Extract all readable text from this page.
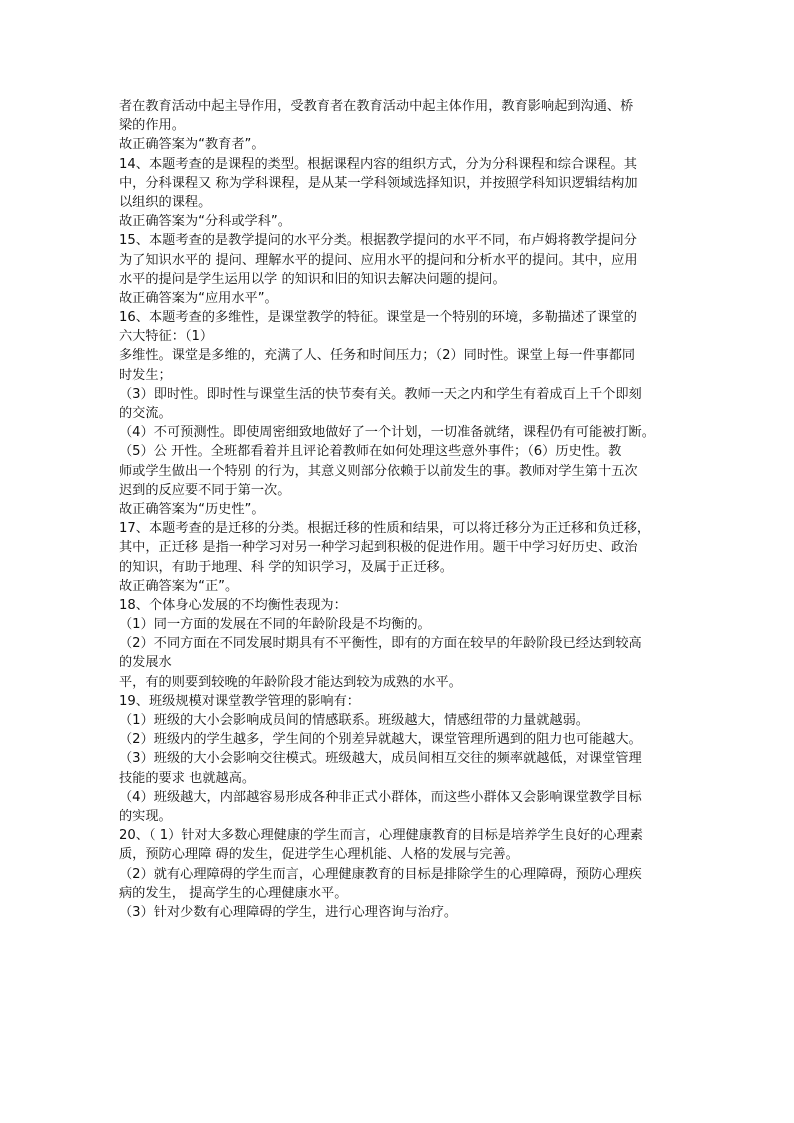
者在教育活动中起主导作用，受教育者在教育活动中起主体作用，教育影响起到沟通、桥
梁的作用。
故正确答案为“教育者”。
14、本题考查的是课程的类型。根据课程内容的组织方式，分为分科课程和综合课程。其
中，分科课程又 称为学科课程，是从某一学科领域选择知识，并按照学科知识逻辑结构加
以组织的课程。
故正确答案为“分科或学科”。
15、本题考查的是教学提问的水平分类。根据教学提问的水平不同，布卢姆将教学提问分
为了知识水平的 提问、理解水平的提问、应用水平的提问和分析水平的提问。其中，应用
水平的提问是学生运用以学 的知识和旧的知识去解决问题的提问。
故正确答案为“应用水平”。
16、本题考查的多维性，是课堂教学的特征。课堂是一个特别的环境，多勒描述了课堂的
六大特征：（1）
多维性。课堂是多维的，充满了人、任务和时间压力；（2）同时性。课堂上每一件事都同
时发生；
（3）即时性。即时性与课堂生活的快节奏有关。教师一天之内和学生有着成百上千个即刻
的交流。
（4）不可预测性。即使周密细致地做好了一个计划，一切准备就绪，课程仍有可能被打断。
（5）公 开性。全班都看着并且评论着教师在如何处理这些意外事件；（6）历史性。教
师或学生做出一个特别 的行为，其意义则部分依赖于以前发生的事。教师对学生第十五次
迟到的反应要不同于第一次。
故正确答案为“历史性”。
17、本题考查的是迁移的分类。根据迁移的性质和结果，可以将迁移分为正迁移和负迁移，
其中，正迁移 是指一种学习对另一种学习起到积极的促进作用。题干中学习好历史、政治
的知识，有助于地理、科 学的知识学习，及属于正迁移。
故正确答案为“正”。
18、个体身心发展的不均衡性表现为：
（1）同一方面的发展在不同的年龄阶段是不均衡的。
（2）不同方面在不同发展时期具有不平衡性，即有的方面在较早的年龄阶段已经达到较高
的发展水
平，有的则要到较晚的年龄阶段才能达到较为成熟的水平。
19、班级规模对课堂教学管理的影响有：
（1）班级的大小会影响成员间的情感联系。班级越大，情感纽带的力量就越弱。
（2）班级内的学生越多，学生间的个别差异就越大，课堂管理所遇到的阻力也可能越大。
（3）班级的大小会影响交往模式。班级越大，成员间相互交往的频率就越低，对课堂管理
技能的要求 也就越高。
（4）班级越大，内部越容易形成各种非正式小群体，而这些小群体又会影响课堂教学目标
的实现。
20、（ 1）针对大多数心理健康的学生而言，心理健康教育的目标是培养学生良好的心理素
质，预防心理障 碍的发生，促进学生心理机能、人格的发展与完善。
（2）就有心理障碍的学生而言，心理健康教育的目标是排除学生的心理障碍，预防心理疾
病的发生， 提高学生的心理健康水平。
（3）针对少数有心理障碍的学生，进行心理咨询与治疗。
